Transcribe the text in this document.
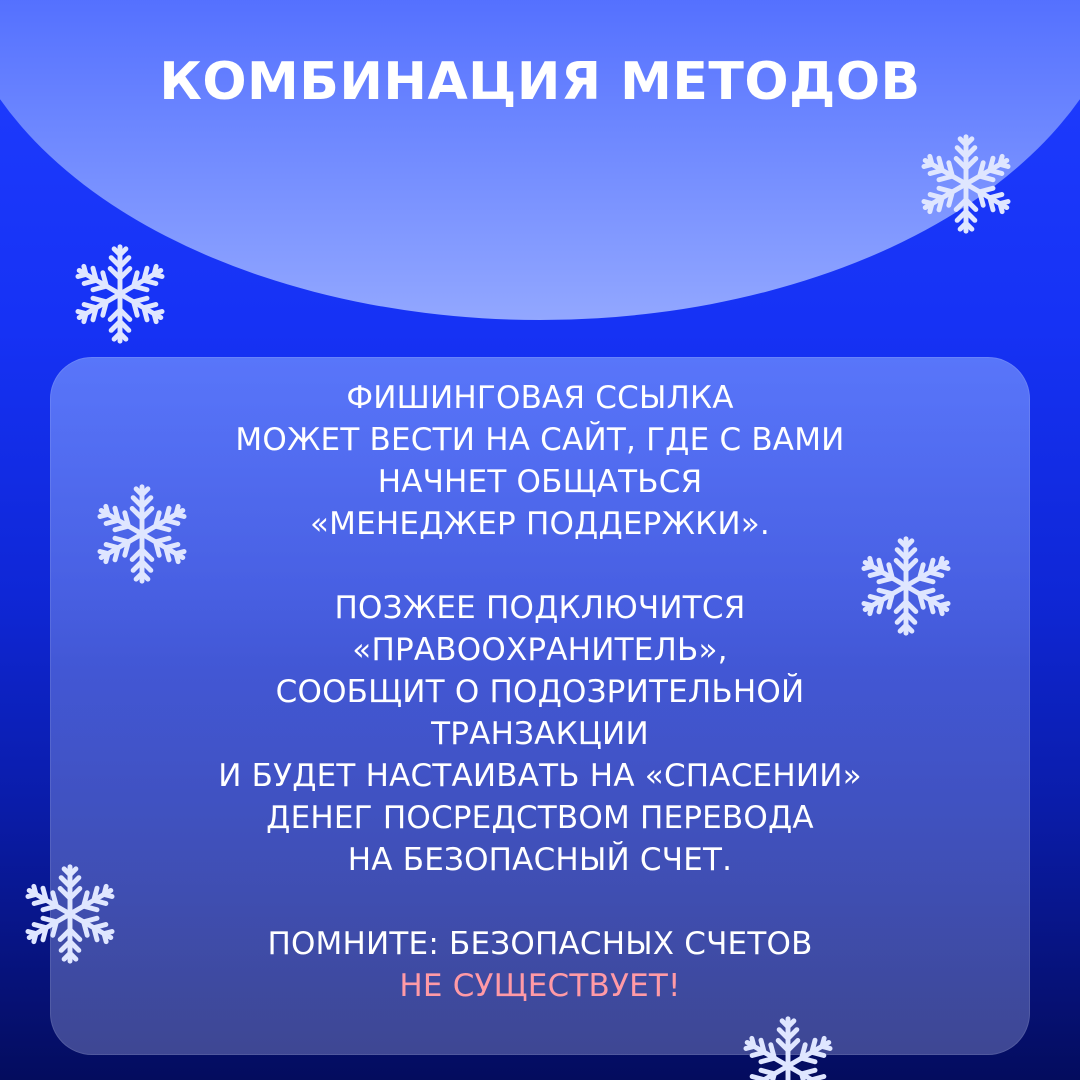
КОМБИНАЦИЯ МЕТОДОВ
ФИШИНГОВАЯ ССЫЛКА
МОЖЕТ ВЕСТИ НА САЙТ, ГДЕ С ВАМИ
НАЧНЕТ ОБЩАТЬСЯ
«МЕНЕДЖЕР ПОДДЕРЖКИ».
ПОЗЖЕЕ ПОДКЛЮЧИТСЯ
«ПРАВООХРАНИТЕЛЬ»,
СООБЩИТ О ПОДОЗРИТЕЛЬНОЙ
ТРАНЗАКЦИИ
И БУДЕТ НАСТАИВАТЬ НА «СПАСЕНИИ»
ДЕНЕГ ПОСРЕДСТВОМ ПЕРЕВОДА
НА БЕЗОПАСНЫЙ СЧЕТ.
ПОМНИТЕ: БЕЗОПАСНЫХ СЧЕТОВ
НЕ СУЩЕСТВУЕТ!
